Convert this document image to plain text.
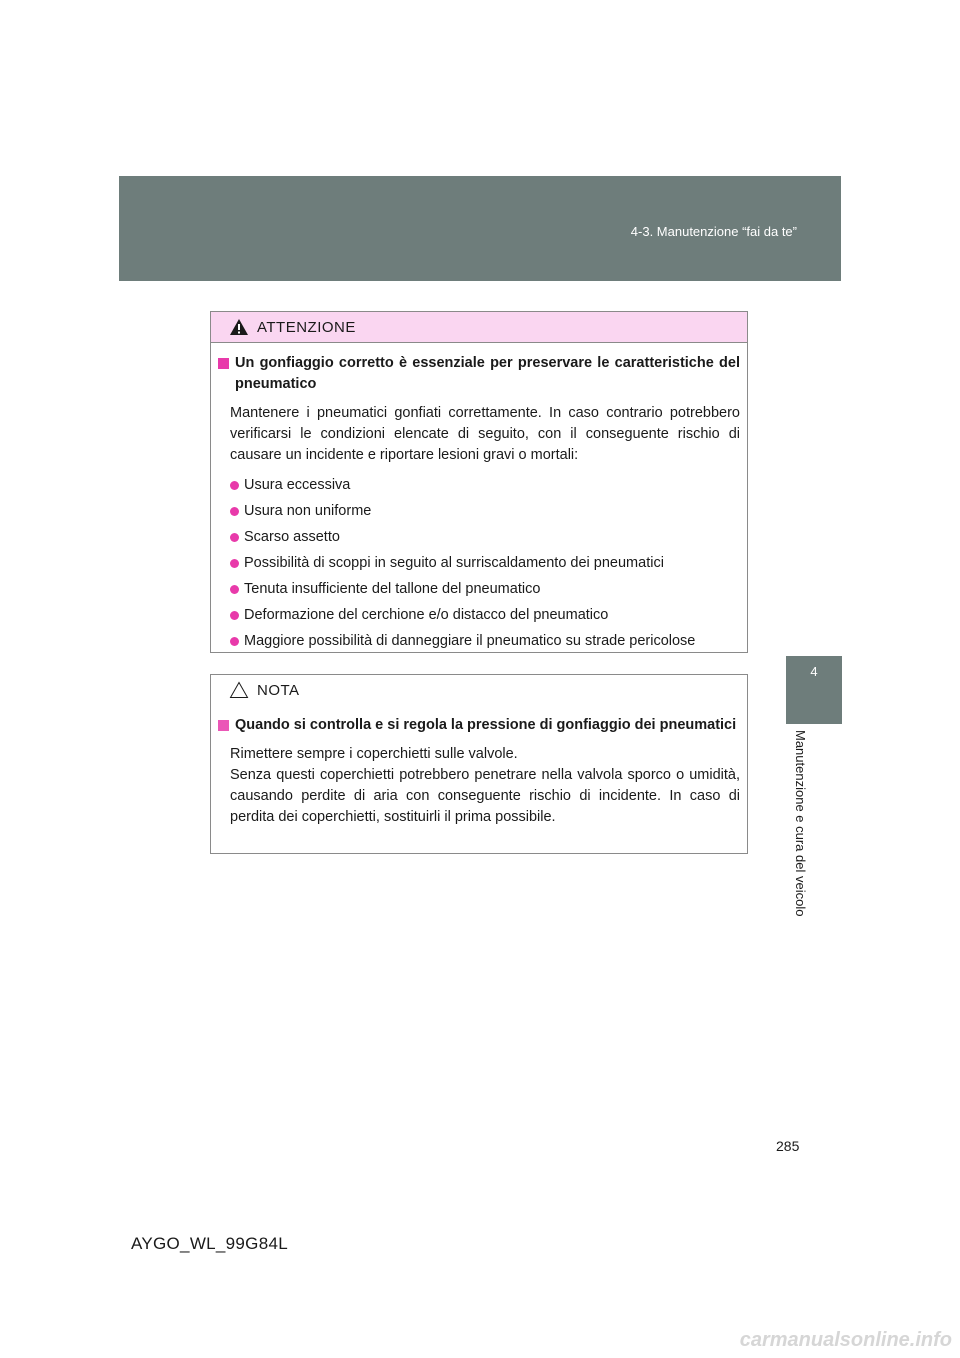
4-3. Manutenzione “fai da te”
4
Manutenzione e cura del veicolo
ATTENZIONE
Un gonfiaggio corretto è essenziale per preservare le caratteristiche del pneumatico
Mantenere i pneumatici gonfiati correttamente. In caso contrario potrebbero verificarsi le condizioni elencate di seguito, con il conseguente rischio di causare un incidente e riportare lesioni gravi o mortali:
Usura eccessiva
Usura non uniforme
Scarso assetto
Possibilità di scoppi in seguito al surriscaldamento dei pneumatici
Tenuta insufficiente del tallone del pneumatico
Deformazione del cerchione e/o distacco del pneumatico
Maggiore possibilità di danneggiare il pneumatico su strade pericolose
NOTA
Quando si controlla e si regola la pressione di gonfiaggio dei pneumatici
Rimettere sempre i coperchietti sulle valvole.
Senza questi coperchietti potrebbero penetrare nella valvola sporco o umidità, causando perdite di aria con conseguente rischio di incidente. In caso di perdita dei coperchietti, sostituirli il prima possibile.
285
AYGO_WL_99G84L
carmanualsonline.info
